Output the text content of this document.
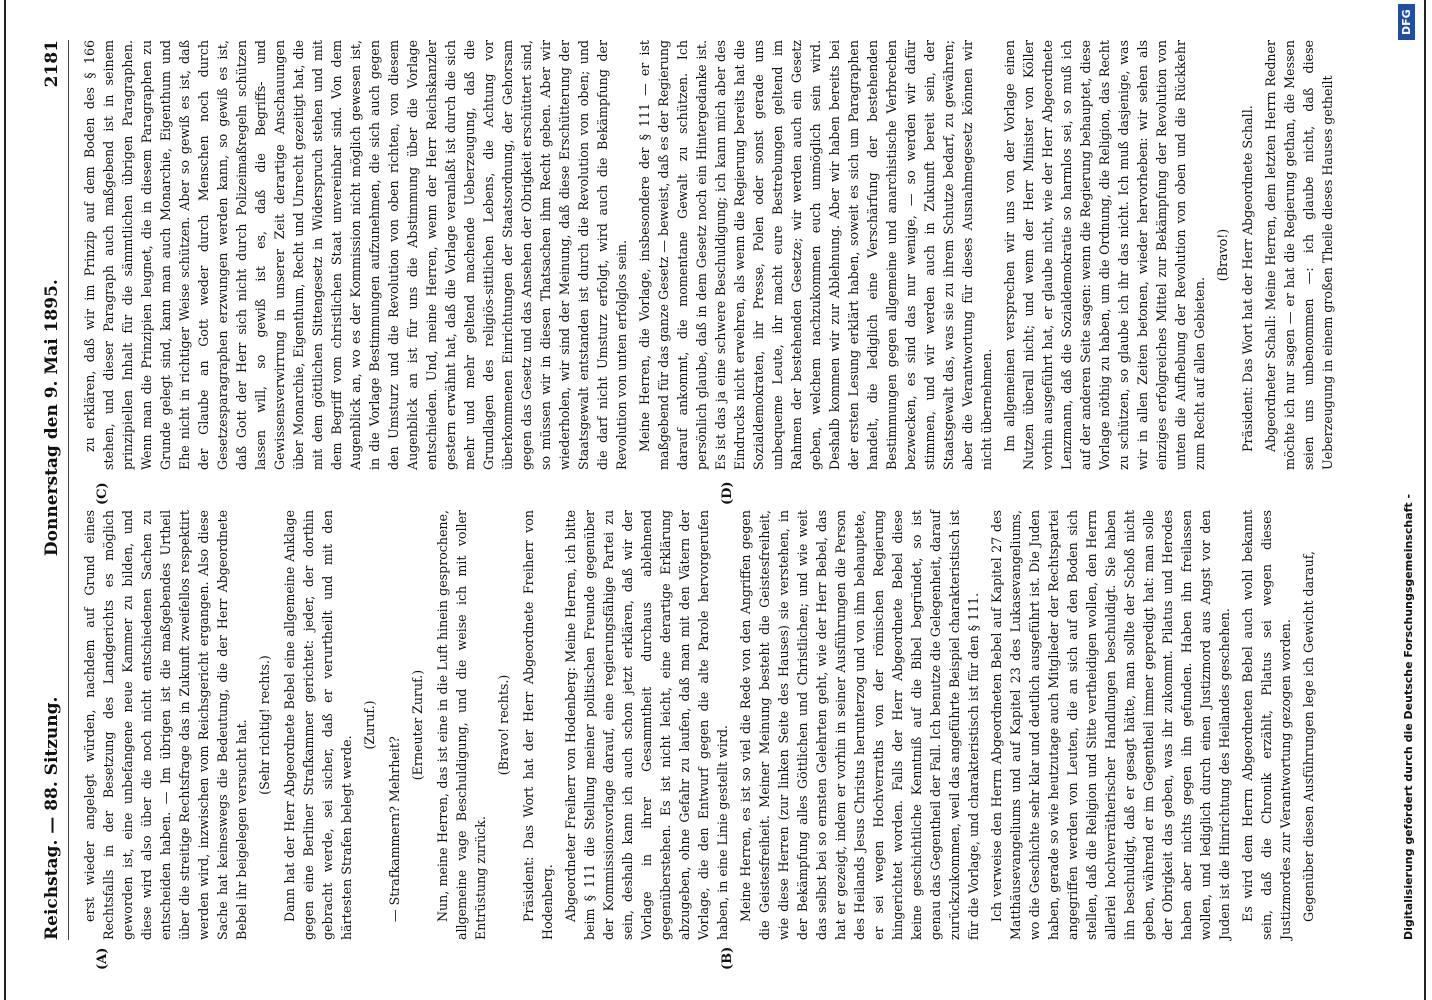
Reichstag. — 88. Sitzung.
Donnerstag den 9. Mai 1895.  2181

erst wieder angelegt würden, nachdem auf Grund eines Rechtsfalls in der Besetzung des Landgerichts es möglich geworden ist, eine unbefangene neue Kammer zu bilden, und diese wird also über die noch nicht entschiedenen Sachen zu entscheiden haben. — Im übrigen ist die maßgebendes Urtheil über die streitige Rechtsfrage das in Zukunft zweifellos respektirt werden wird, inzwischen vom Reichsgericht ergangen. Also diese Sache hat keineswegs die Bedeutung, die der Herr Abgeordnete Bebel ihr beigelegen versucht hat. (Sehr richtig! rechts.) Dann hat der Herr Abgeordnete Bebel eine allgemeine Anklage gegen eine Berliner Strafkammer gerichtet: jeder, der dorthin gebracht werde, sei sicher, daß er verurtheilt und mit den härtesten Strafen belegt werde.

(Zuruf.)

— Strafkammern? Mehrheit?

(Erneuter Zuruf.) Nun, meine Herren, das ist eine in die Luft hinein gesprochene, allgemeine vage Beschuldigung, und die weise ich mit voller Entrüstung zurück.

(Bravo! rechts.) Präsident: Das Wort hat der Herr Abgeordnete Freiherr von Hodenberg. Abgeordneter Freiherr von Hodenberg: Meine Herren, ich bitte beim § 111 die Stellung meiner politischen Freunde gegenüber der Kommissionsvorlage darauf, eine regierungsfähige Partei zu sein, deshalb kann ich auch schon jetzt erklären, daß wir der Vorlage in ihrer Gesammtheit durchaus ablehnend gegenüberstehen. Es ist nicht leicht, eine derartige Erklärung abzugeben, ohne Gefahr zu laufen, daß man mit den Vätern der Vorlage, die den Entwurf gegen die alte Parole hervorgerufen haben, in eine Linie gestellt wird. Meine Herren, es ist so viel die Rede von den Angriffen gegen die Geistesfreiheit. Meiner Meinung besteht die Geistesfreiheit, wie diese Herren (zur linken Seite des Hauses) sie verstehen, in der Bekämpfung alles Göttlichen und Christlichen; und wie weit das selbst bei so ernsten Gelehrten geht, wie der Herr Bebel, das hat er gezeigt, indem er vorhin in seiner Ausführungen die Person des Heilands Jesus Christus herunterzog und von ihm behauptete, er sei wegen Hochverraths von der römischen Regierung hingerichtet worden. Falls der Herr Abgeordnete Bebel diese keine geschichtliche Kenntniß auf die Bibel begründet, so ist genau das Gegentheil der Fall. Ich benutze die Gelegenheit, darauf zurückzukommen, weil das angeführte Beispiel charakteristisch ist für die Vorlage, und charakteristisch ist für den § 111. Ich verweise den Herrn Abgeordneten Bebel auf Kapitel 27 des Matthäusevangeliums und auf Kapitel 23 des Lukasevangeliums, wo die Geschichte sehr klar und deutlich ausgeführt ist. Die Juden haben, gerade so wie heutzutage auch Mitglieder der Rechtspartei angegriffen werden von Leuten, die an sich auf den Boden sich stellen, daß die Religion und Sitte vertheidigen wollen, den Herrn allerlei hochverrätherischer Handlungen beschuldigt. Sie haben ihn beschuldigt, daß er gesagt hätte, man sollte der Schoß nicht geben, während er im Gegentheil immer gepredigt hat: man solle der Obrigkeit das geben, was ihr zukommt. Pilatus und Herodes haben aber nichts gegen ihn gefunden. Haben ihn freilassen wollen, und lediglich durch einen Justizmord aus Angst vor den Juden ist die Hinrichtung des Heilandes geschehen. Es wird dem Herrn Abgeordneten Bebel auch wohl bekannt sein, daß die Chronik erzählt, Pilatus sei wegen dieses Justizmordes zur Verantwortung gezogen worden. Gegenüber diesen Ausführungen lege ich Gewicht darauf,

zu erklären, daß wir im Prinzip auf dem Boden des § 166 stehen, und dieser Paragraph auch maßgebend ist in seinem prinzipiellen Inhalt für die sämmtlichen übrigen Paragraphen. Wenn man die Prinzipien leugnet, die in diesem Paragraphen zu Grunde gelegt sind, kann man auch Monarchie, Eigenthum und Ehe nicht in richtiger Weise schützen. Aber so gewiß es ist, daß der Glaube an Gott weder durch Menschen noch durch Gesetzesparagraphen erzwungen werden kann, so gewiß es ist, daß Gott der Herr sich nicht durch Polizeimaßregeln schützen lassen will, so gewiß ist es, daß die Begriffs- und Gewissensverwirrung in unserer Zeit derartige Anschauungen über Monarchie, Eigenthum, Recht und Unrecht gezeitigt hat, die mit dem göttlichen Sittengesetz in Widerspruch stehen und mit dem Begriff vom christlichen Staat unvereinbar sind. Von dem Augenblick an, wo es der Kommission nicht möglich gewesen ist, in die Vorlage Bestimmungen aufzunehmen, die sich auch gegen den Umsturz und die Revolution von oben richten, von diesem Augenblick an ist für uns die Abstimmung über die Vorlage entschieden. Und, meine Herren, wenn der Herr Reichskanzler gestern erwähnt hat, daß die Vorlage veranlaßt ist durch die sich mehr und mehr geltend machende Ueberzeugung, daß die Grundlagen des religiös-sittlichen Lebens, die Achtung vor überkommenen Einrichtungen der Staatsordnung, der Gehorsam gegen das Gesetz und das Ansehen der Obrigkeit erschüttert sind, so müssen wir in diesen Thatsachen ihm Recht geben. Aber wir wiederholen, wir sind der Meinung, daß diese Erschütterung der Staatsgewalt entstanden ist durch die Revolution von oben; und die darf nicht Umsturz erfolgt, wird auch die Bekämpfung der Revolution von unten erfolglos sein. Meine Herren, die Vorlage, insbesondere der § 111 — er ist maßgebend für das ganze Gesetz — beweist, daß es der Regierung darauf ankommt, die momentane Gewalt zu schützen. Ich persönlich glaube, daß in dem Gesetz noch ein Hintergedanke ist. Es ist das ja eine schwere Beschuldigung; ich kann mich aber des Eindrucks nicht erwehren, als wenn die Regierung bereits hat die Sozialdemokraten, ihr Presse, Polen oder sonst gerade uns unbequeme Leute, ihr macht eure Bestrebungen geltend im Rahmen der bestehenden Gesetze; wir werden auch ein Gesetz geben, welchem nachzukommen euch unmöglich sein wird. Deshalb kommen wir zur Ablehnung. Aber wir haben bereits bei der ersten Lesung erklärt haben, soweit es sich um Paragraphen handelt, die lediglich eine Verschärfung der bestehenden Bestimmungen gegen allgemeine und anarchistische Verbrechen bezwecken, es sind das nur wenige, — so werden wir dafür stimmen, und wir werden auch in Zukunft bereit sein, der Staatsgewalt das, was sie zu ihrem Schutze bedarf, zu gewähren; aber die Verantwortung für dieses Ausnahmegesetz können wir nicht übernehmen. Im allgemeinen versprechen wir uns von der Vorlage einen Nutzen überall nicht; und wenn der Herr Minister von Köller vorhin ausgeführt hat, er glaube nicht, wie der Herr Abgeordnete Lenzmann, daß die Sozialdemokratie so harmlos sei, so muß ich auf der anderen Seite sagen: wenn die Regierung behauptet, diese Vorlage nöthig zu haben, um die Ordnung, die Religion, das Recht zu schützen, so glaube ich ihr das nicht. Ich muß dasjenige, was wir in allen Zeiten betonen, wieder hervorheben: wir sehen als einziges erfolgreiches Mittel zur Bekämpfung der Revolution von unten die Aufhebung der Revolution von oben und die Rückkehr zum Recht auf allen Gebieten.

(Bravo!) Präsident: Das Wort hat der Herr Abgeordnete Schall. Abgeordneter Schall: Meine Herren, dem letzten Herrn Redner möchte ich nur sagen — er hat die Regierung gethan, die Messen seien uns unbenommen —: ich glaube nicht, daß diese Ueberzeugung in einem großen Theile dieses Hauses getheilt

(A)	(B)
(C)	(D)
Digitalisierung gefördert durch die Deutsche Forschungsgemeinschaft -
DFG
